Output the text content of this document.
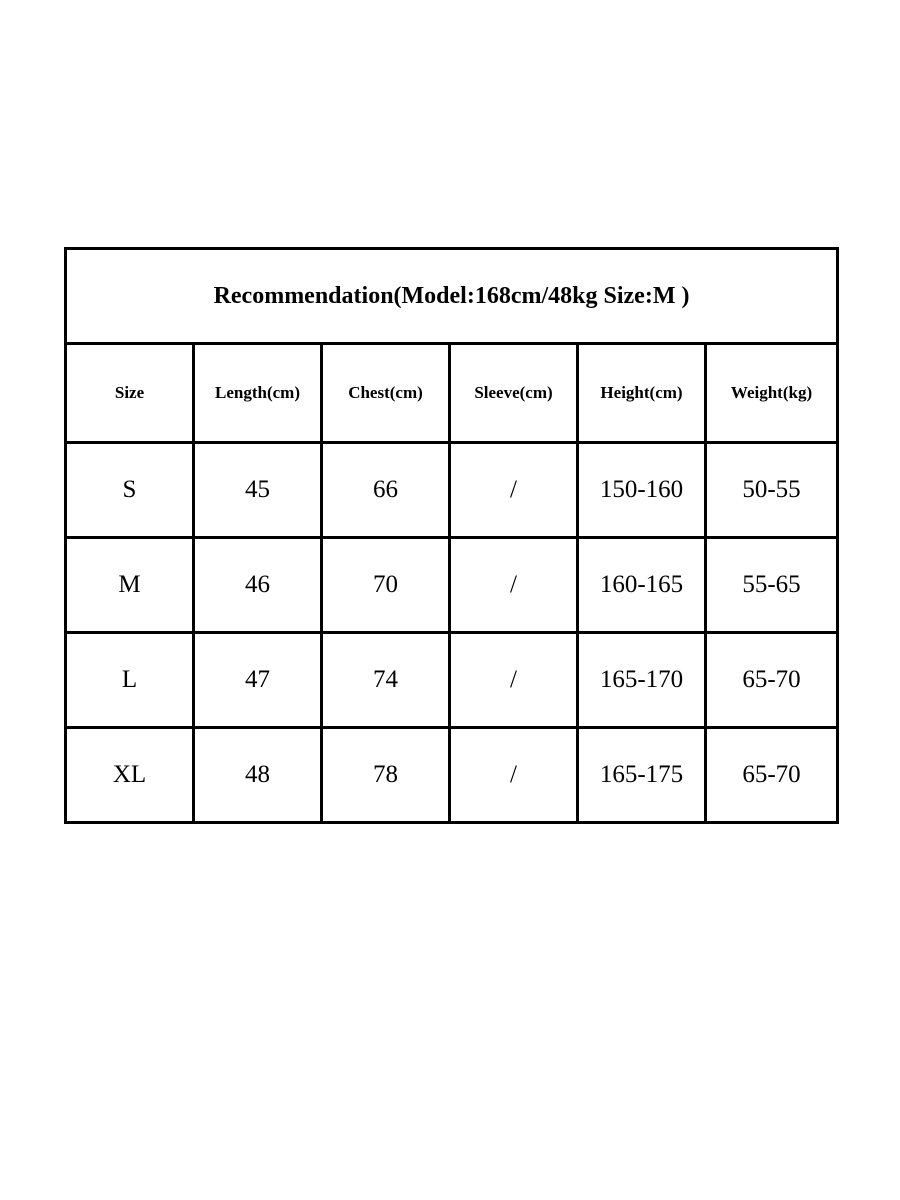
Recommendation(Model:168cm/48kg Size:M )					
Size	Length(cm)	Chest(cm)	Sleeve(cm)	Height(cm)	Weight(kg)
S	45	66	/	150-160	50-55
M	46	70	/	160-165	55-65
L	47	74	/	165-170	65-70
XL	48	78	/	165-175	65-70
